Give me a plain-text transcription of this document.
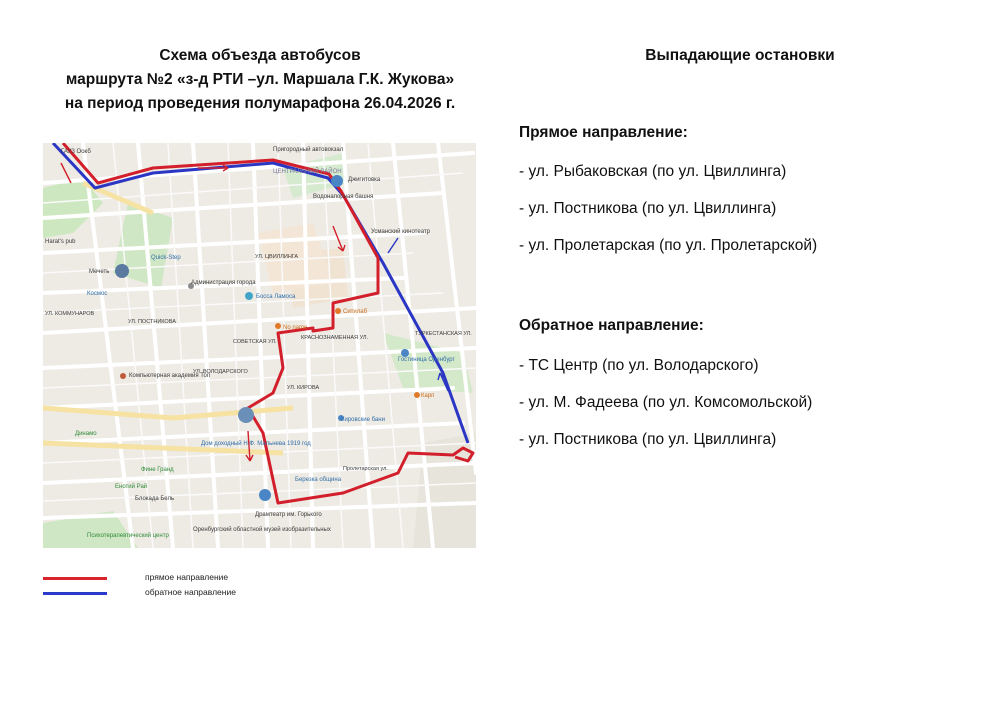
Схема объезда автобусов
маршрута №2 «з-д РТИ –ул. Маршала Г.К. Жукова»
на период проведения полумарафона 26.04.2026 г.
Выпадающие остановки
ГАУЗ Оокб	Пригородный автовокзал
ЦЕНТРАЛЬНЫЙ РАЙОН
Джигитовка
Водонапорная башня
Harat's pub
Quick-Step
Мечеть
Администрация города
Босса Ламоса
Космос
Усманский кинотеатр
No name
Ситилаб
Гостиница Оренбург
Компьютерная академия Топ
Кировские бани
Карп
Дом доходный Н.Ф. Мальнева 1919 год
Динамо
Березка община
Енотий Рай
Блокада Бель
Драмтеатр им. Горького
Оренбургский областной музей изобразительных
Психотерапевтический центр
Фине Гранд	Пролетарская ул.
КРАСНОЗНАМЕННАЯ УЛ.
ТУРКЕСТАНСКАЯ УЛ.
УЛ. КОММУНАРОВ
УЛ. ПОСТНИКОВА
СОВЕТСКАЯ УЛ.
УЛ. ВОЛОДАРСКОГО
УЛ. КИРОВА
УЛ. ЦВИЛЛИНГА
прямое направление
обратное направление
Прямое направление:
- ул. Рыбаковская (по ул. Цвиллинга)
- ул. Постникова (по ул. Цвиллинга)
- ул. Пролетарская (по ул. Пролетарской)
Обратное направление:
- ТС Центр (по ул. Володарского)
- ул. М. Фадеева (по ул. Комсомольской)
- ул. Постникова (по ул. Цвиллинга)
